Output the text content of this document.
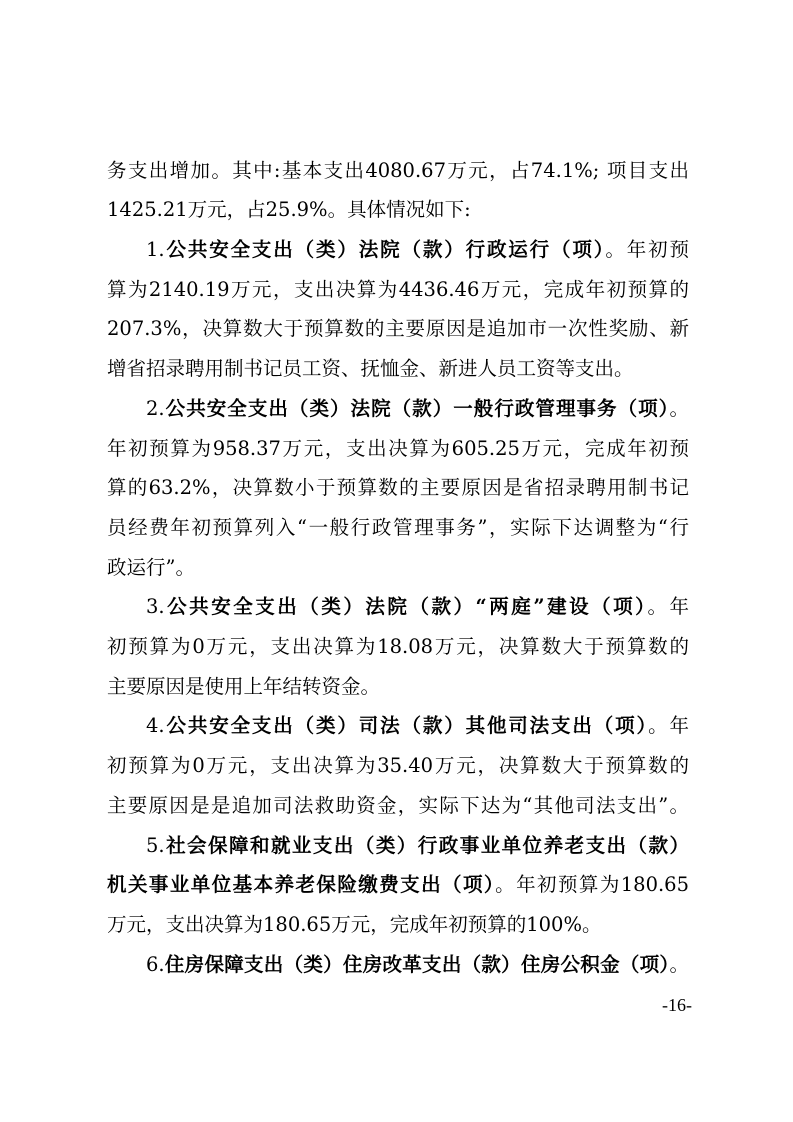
务支出增加。其中:基本支出4080.67万元，占74.1%; 项目支出
1425.21万元，占25.9%。具体情况如下:
1.公共安全支出（类）法院（款）行政运行（项）。年初预
算为2140.19万元，支出决算为4436.46万元，完成年初预算的
207.3%，决算数大于预算数的主要原因是追加市一次性奖励、新
增省招录聘用制书记员工资、抚恤金、新进人员工资等支出。
2.公共安全支出（类）法院（款）一般行政管理事务（项）。
年初预算为958.37万元，支出决算为605.25万元，完成年初预
算的63.2%，决算数小于预算数的主要原因是省招录聘用制书记
员经费年初预算列入“一般行政管理事务”，实际下达调整为“行
政运行”。
3.公共安全支出（类）法院（款）“两庭”建设（项）。年
初预算为0万元，支出决算为18.08万元，决算数大于预算数的
主要原因是使用上年结转资金。
4.公共安全支出（类）司法（款）其他司法支出（项）。年
初预算为0万元，支出决算为35.40万元，决算数大于预算数的
主要原因是是追加司法救助资金，实际下达为“其他司法支出”。
5.社会保障和就业支出（类）行政事业单位养老支出（款）
机关事业单位基本养老保险缴费支出（项）。年初预算为180.65
万元，支出决算为180.65万元，完成年初预算的100%。
6.住房保障支出（类）住房改革支出（款）住房公积金（项）。
-16-
